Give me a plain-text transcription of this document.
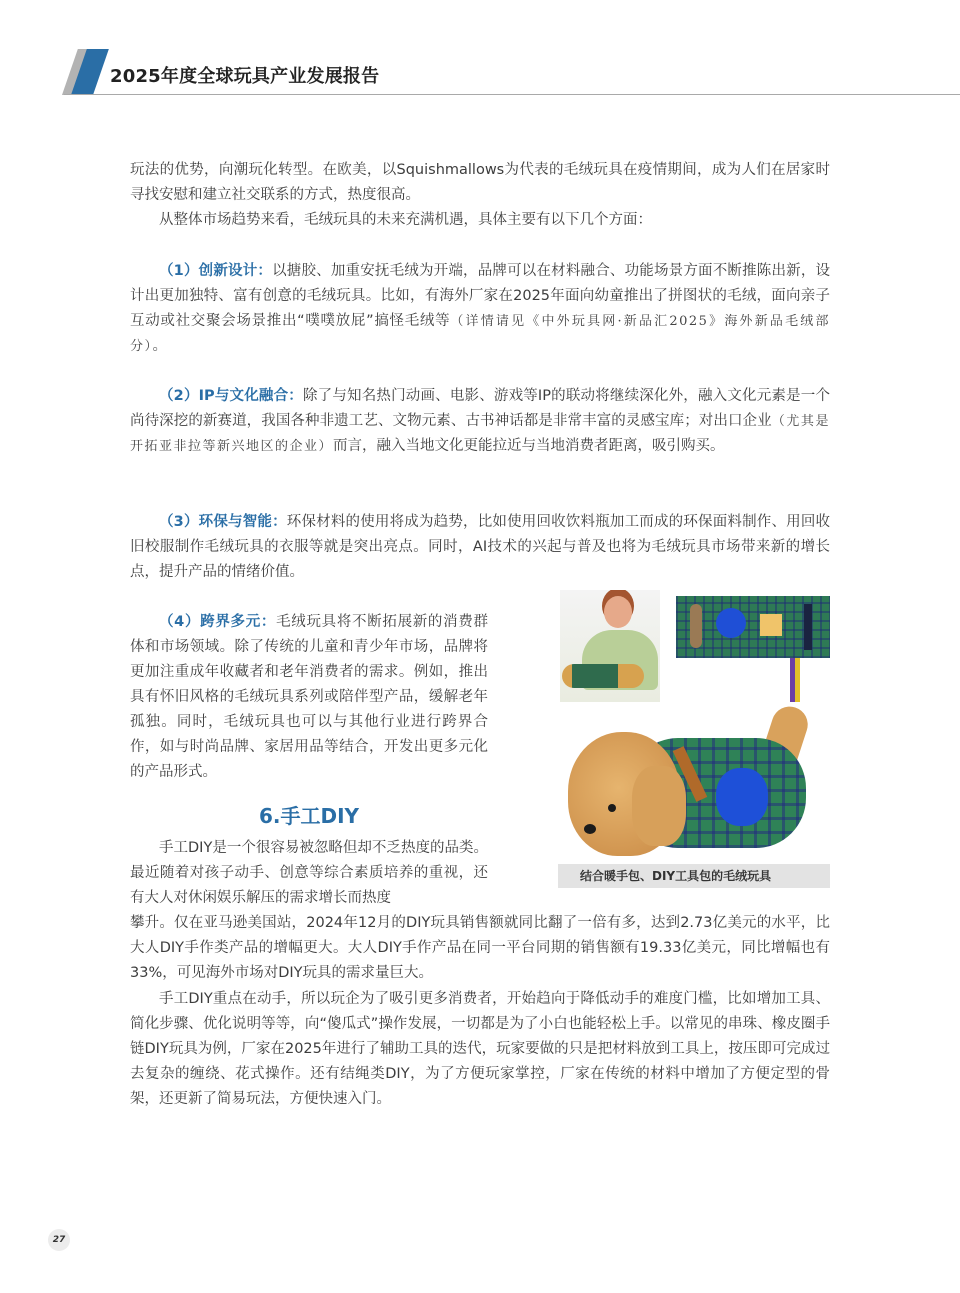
2025年度全球玩具产业发展报告
玩法的优势，向潮玩化转型。在欧美，以Squishmallows为代表的毛绒玩具在疫情期间，成为人们在居家时寻找安慰和建立社交联系的方式，热度很高。
从整体市场趋势来看，毛绒玩具的未来充满机遇，具体主要有以下几个方面：
（1）创新设计：以搪胶、加重安抚毛绒为开端，品牌可以在材料融合、功能场景方面不断推陈出新，设计出更加独特、富有创意的毛绒玩具。比如，有海外厂家在2025年面向幼童推出了拼图状的毛绒，面向亲子互动或社交聚会场景推出“噗噗放屁”搞怪毛绒等（详情请见《中外玩具网·新品汇2025》海外新品毛绒部分）。
（2）IP与文化融合：除了与知名热门动画、电影、游戏等IP的联动将继续深化外，融入文化元素是一个尚待深挖的新赛道，我国各种非遗工艺、文物元素、古书神话都是非常丰富的灵感宝库；对出口企业（尤其是开拓亚非拉等新兴地区的企业）而言，融入当地文化更能拉近与当地消费者距离，吸引购买。
（3）环保与智能：环保材料的使用将成为趋势，比如使用回收饮料瓶加工而成的环保面料制作、用回收旧校服制作毛绒玩具的衣服等就是突出亮点。同时，AI技术的兴起与普及也将为毛绒玩具市场带来新的增长点，提升产品的情绪价值。
（4）跨界多元：毛绒玩具将不断拓展新的消费群体和市场领域。除了传统的儿童和青少年市场，品牌将更加注重成年收藏者和老年消费者的需求。例如，推出具有怀旧风格的毛绒玩具系列或陪伴型产品，缓解老年孤独。同时，毛绒玩具也可以与其他行业进行跨界合作，如与时尚品牌、家居用品等结合，开发出更多元化的产品形式。
6.手工DIY
手工DIY是一个很容易被忽略但却不乏热度的品类。最近随着对孩子动手、创意等综合素质培养的重视，还有大人对休闲娱乐解压的需求增长而热度
攀升。仅在亚马逊美国站，2024年12月的DIY玩具销售额就同比翻了一倍有多，达到2.73亿美元的水平，比大人DIY手作类产品的增幅更大。大人DIY手作产品在同一平台同期的销售额有19.33亿美元，同比增幅也有33%，可见海外市场对DIY玩具的需求量巨大。
手工DIY重点在动手，所以玩企为了吸引更多消费者，开始趋向于降低动手的难度门槛，比如增加工具、简化步骤、优化说明等等，向“傻瓜式”操作发展，一切都是为了小白也能轻松上手。以常见的串珠、橡皮圈手链DIY玩具为例，厂家在2025年进行了辅助工具的迭代，玩家要做的只是把材料放到工具上，按压即可完成过去复杂的缠绕、花式操作。还有结绳类DIY，为了方便玩家掌控，厂家在传统的材料中增加了方便定型的骨架，还更新了简易玩法，方便快速入门。
结合暖手包、DIY工具包的毛绒玩具
27
